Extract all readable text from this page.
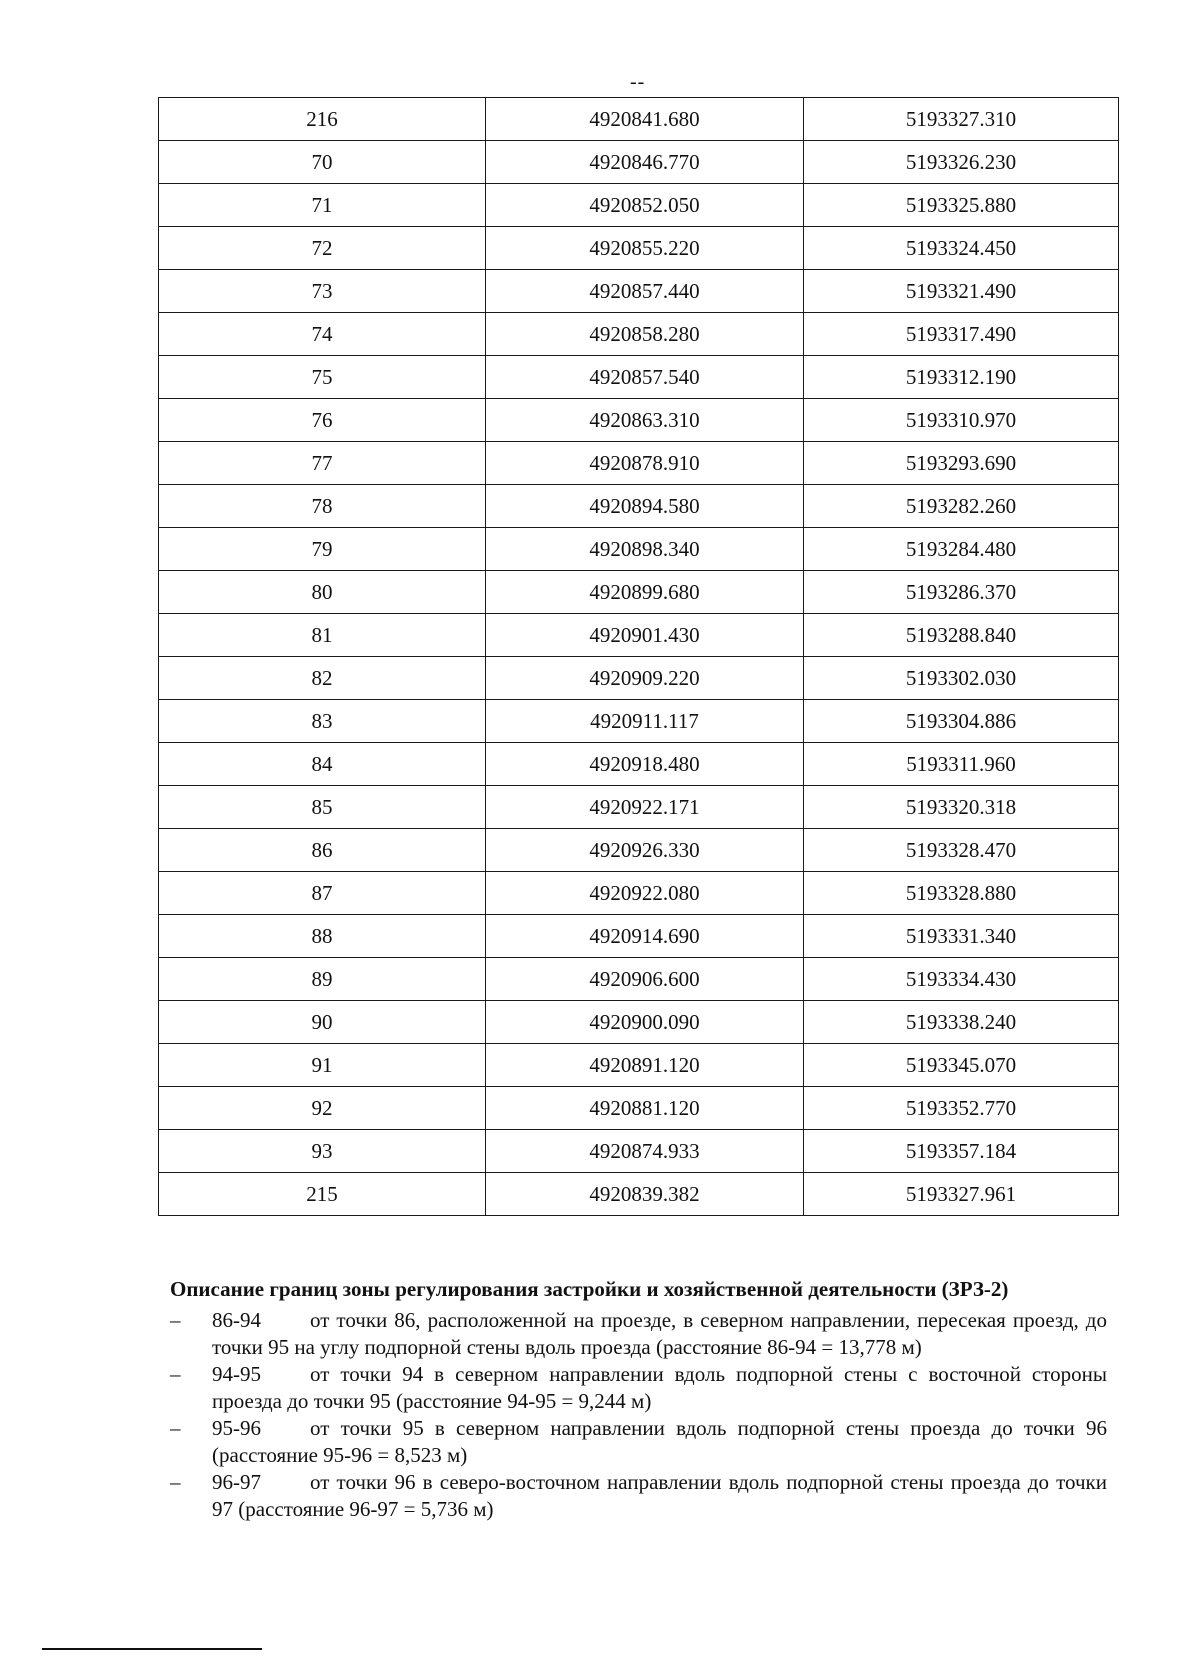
--
216	4920841.680	5193327.310
70	4920846.770	5193326.230
71	4920852.050	5193325.880
72	4920855.220	5193324.450
73	4920857.440	5193321.490
74	4920858.280	5193317.490
75	4920857.540	5193312.190
76	4920863.310	5193310.970
77	4920878.910	5193293.690
78	4920894.580	5193282.260
79	4920898.340	5193284.480
80	4920899.680	5193286.370
81	4920901.430	5193288.840
82	4920909.220	5193302.030
83	4920911.117	5193304.886
84	4920918.480	5193311.960
85	4920922.171	5193320.318
86	4920926.330	5193328.470
87	4920922.080	5193328.880
88	4920914.690	5193331.340
89	4920906.600	5193334.430
90	4920900.090	5193338.240
91	4920891.120	5193345.070
92	4920881.120	5193352.770
93	4920874.933	5193357.184
215	4920839.382	5193327.961
Описание границ зоны регулирования застройки и хозяйственной деятельности (ЗРЗ-2)
– 86-94 от точки 86, расположенной на проезде, в северном направлении, пересекая проезд, до точки 95 на углу подпорной стены вдоль проезда (расстояние 86-94 = 13,778 м)
– 94-95 от точки 94 в северном направлении вдоль подпорной стены с восточной стороны проезда до точки 95 (расстояние 94-95 = 9,244 м)
– 95-96 от точки 95 в северном направлении вдоль подпорной стены проезда до точки 96 (расстояние 95-96 = 8,523 м)
– 96-97 от точки 96 в северо-восточном направлении вдоль подпорной стены проезда до точки 97 (расстояние 96-97 = 5,736 м)
